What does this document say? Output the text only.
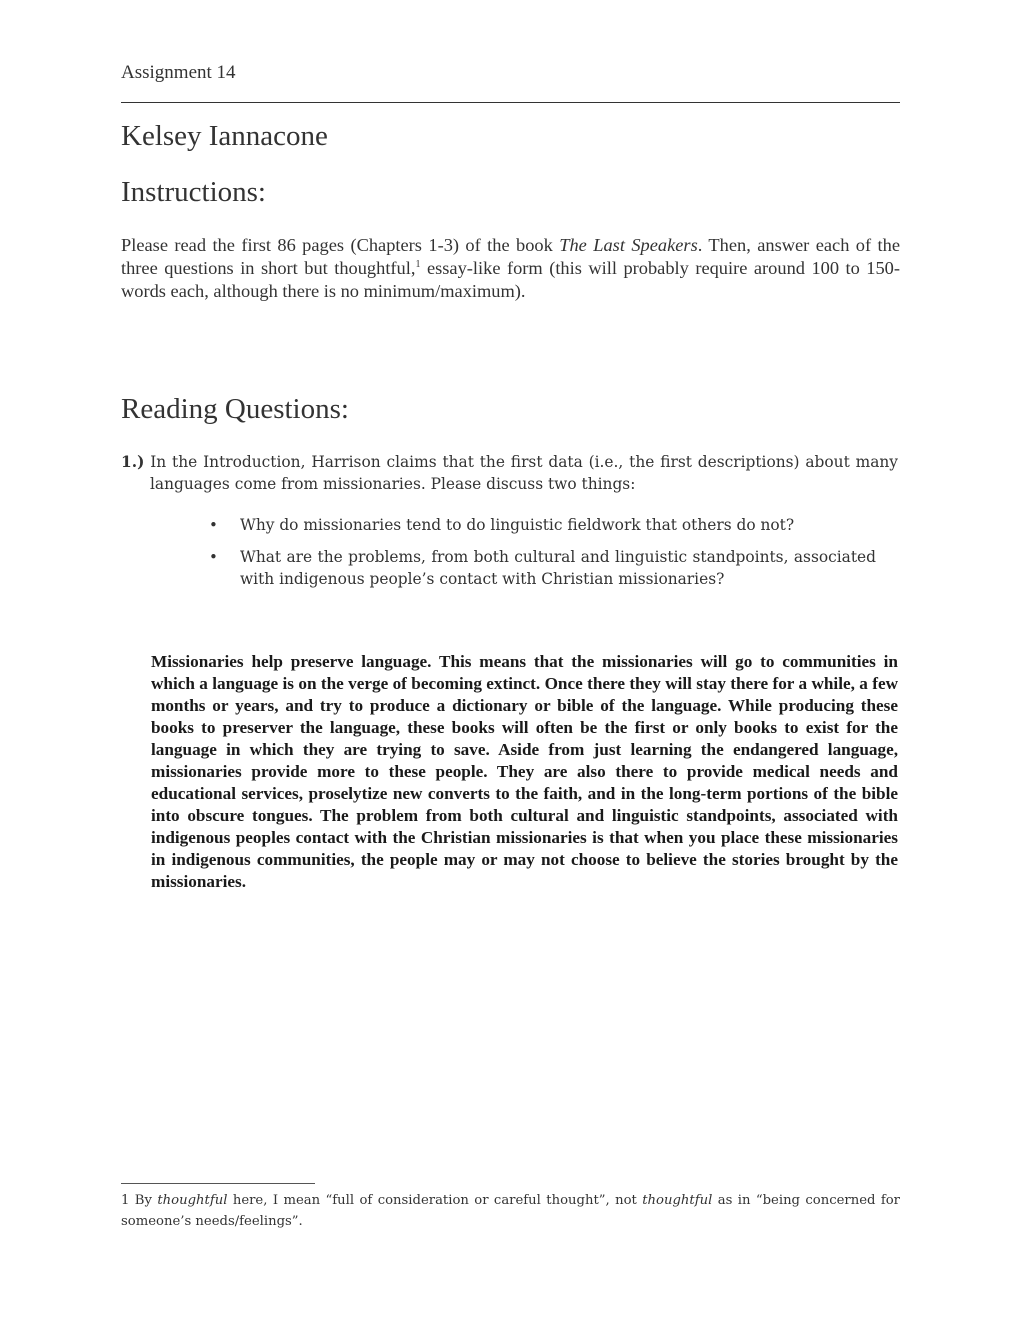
Assignment 14
Kelsey Iannacone
Instructions:
Please read the first 86 pages (Chapters 1-3) of the book The Last Speakers. Then, answer each of the three questions in short but thoughtful,$^1$ essay-like form (this will probably require around 100 to 150-words each, although there is no minimum/maximum).
Reading Questions:
1.) In the Introduction, Harrison claims that the first data (i.e., the first descriptions) about many languages come from missionaries. Please discuss two things:
• Why do missionaries tend to do linguistic fieldwork that others do not?
• What are the problems, from both cultural and linguistic standpoints, associated with indigenous people’s contact with Christian missionaries?
Missionaries help preserve language. This means that the missionaries will go to communities in which a language is on the verge of becoming extinct. Once there they will stay there for a while, a few months or years, and try to produce a dictionary or bible of the language. While producing these books to preserver the language, these books will often be the first or only books to exist for the language in which they are trying to save. Aside from just learning the endangered language, missionaries provide more to these people. They are also there to provide medical needs and educational services, proselytize new converts to the faith, and in the long-term portions of the bible into obscure tongues. The problem from both cultural and linguistic standpoints, associated with indigenous peoples contact with the Christian missionaries is that when you place these missionaries in indigenous communities, the people may or may not choose to believe the stories brought by the missionaries.
1 By thoughtful here, I mean “full of consideration or careful thought”, not thoughtful as in “being concerned for someone’s needs/feelings”.
